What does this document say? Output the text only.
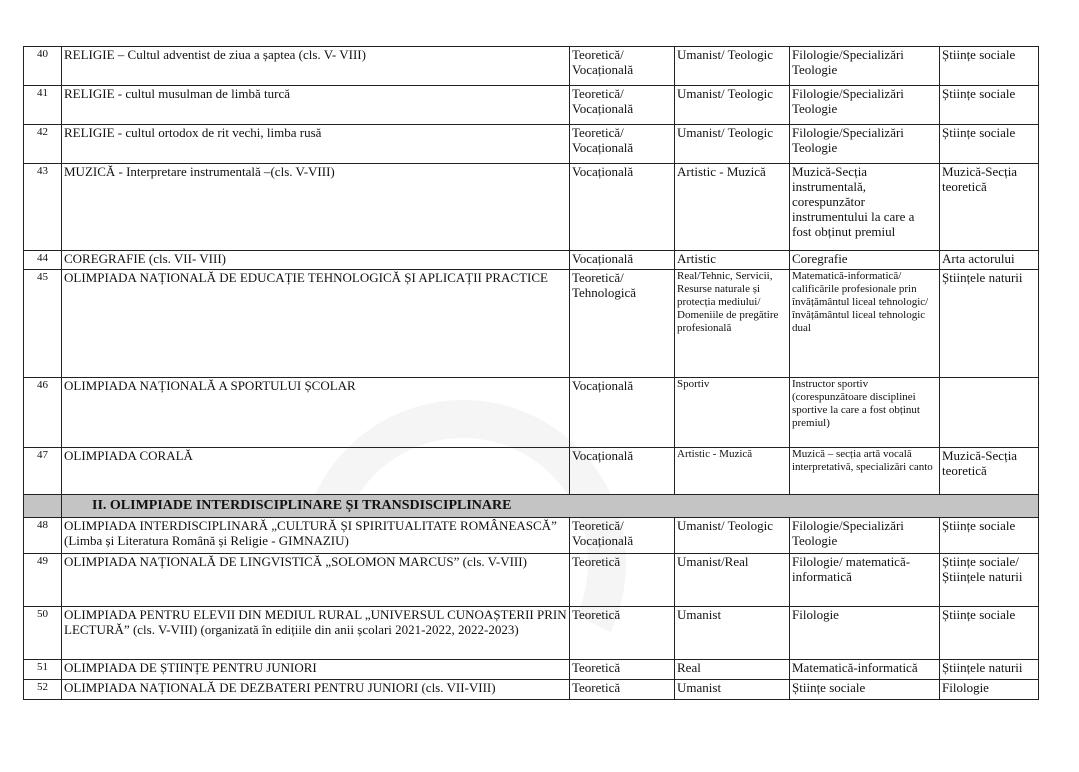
40	RELIGIE – Cultul adventist de ziua a șaptea (cls. V- VIII)	Teoretică/ Vocațională	Umanist/ Teologic	Filologie/Specializări Teologie	Științe sociale
41	RELIGIE - cultul musulman de limbă turcă	Teoretică/ Vocațională	Umanist/ Teologic	Filologie/Specializări Teologie	Științe sociale
42	RELIGIE - cultul ortodox de rit vechi, limba rusă	Teoretică/ Vocațională	Umanist/ Teologic	Filologie/Specializări Teologie	Științe sociale
43	MUZICĂ - Interpretare instrumentală –(cls. V-VIII)	Vocațională	Artistic - Muzică	Muzică-Secția instrumentală, corespunzător instrumentului la care a fost obținut premiul	Muzică-Secția teoretică
44	COREGRAFIE (cls. VII- VIII)	Vocațională	Artistic	Coregrafie	Arta actorului
45	OLIMPIADA NAȚIONALĂ DE EDUCAȚIE TEHNOLOGICĂ ȘI APLICAȚII PRACTICE	Teoretică/ Tehnologică	Real/Tehnic, Servicii, Resurse naturale și protecția mediului/ Domeniile de pregătire profesională	Matematică-informatică/ calificările profesionale prin învățământul liceal tehnologic/ învățământul liceal tehnologic dual	Științele naturii
46	OLIMPIADA NAȚIONALĂ A SPORTULUI ȘCOLAR	Vocațională	Sportiv	Instructor sportiv (corespunzătoare disciplinei sportive la care a fost obținut premiul)	
47	OLIMPIADA CORALĂ	Vocațională	Artistic - Muzică	Muzică – secția artă vocală interpretativă, specializări canto	Muzică-Secția teoretică
	II. OLIMPIADE INTERDISCIPLINARE ȘI TRANSDISCIPLINARE				
48	OLIMPIADA INTERDISCIPLINARĂ „CULTURĂ ȘI SPIRITUALITATE ROMÂNEASCĂ” (Limba și Literatura Română și Religie - GIMNAZIU)	Teoretică/ Vocațională	Umanist/ Teologic	Filologie/Specializări Teologie	Științe sociale
49	OLIMPIADA NAȚIONALĂ DE LINGVISTICĂ „SOLOMON MARCUS” (cls. V-VIII)	Teoretică	Umanist/Real	Filologie/ matematică-informatică	Științe sociale/Științele naturii
50	OLIMPIADA PENTRU ELEVII DIN MEDIUL RURAL „UNIVERSUL CUNOAȘTERII PRIN LECTURĂ” (cls. V-VIII) (organizată în edițiile din anii școlari 2021-2022, 2022-2023)	Teoretică	Umanist	Filologie	Științe sociale
51	OLIMPIADA DE ȘTIINȚE PENTRU JUNIORI	Teoretică	Real	Matematică-informatică	Științele naturii
52	OLIMPIADA NAȚIONALĂ DE DEZBATERI PENTRU JUNIORI (cls. VII-VIII)	Teoretică	Umanist	Științe sociale	Filologie
